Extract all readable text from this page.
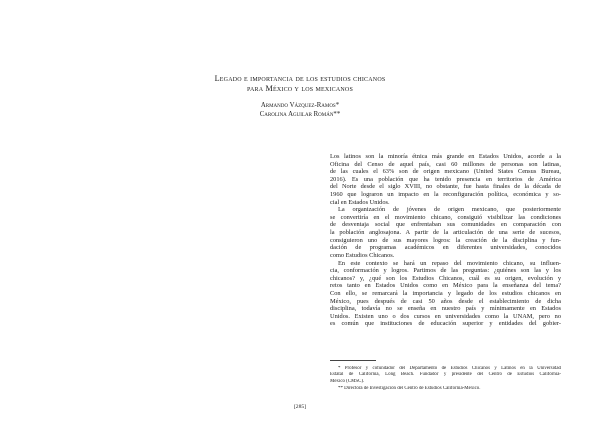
Legado e importancia de los estudios chicanos
para México y los mexicanos
Armando Vázquez-Ramos*
Carolina Aguilar Román**
Los latinos son la minoría étnica más grande en Estados Unidos, acorde a la
Oficina del Censo de aquel país, casi 60 millones de personas son latinas,
de las cuales el 63% son de origen mexicano (United States Census Bureau,
2016). Es una población que ha tenido presencia en territorios de América
del Norte desde el siglo XVIII, no obstante, fue hasta finales de la década de
1960 que lograron un impacto en la reconfiguración política, económica y so-
cial en Estados Unidos.
La organización de jóvenes de origen mexicano, que posteriormente
se convertiría en el movimiento chicano, consiguió visibilizar las condiciones
de desventaja social que enfrentaban sus comunidades en comparación con
la población anglosajona. A partir de la articulación de una serie de sucesos,
consiguieron uno de sus mayores logros: la creación de la disciplina y fun-
dación de programas académicos en diferentes universidades, conocidos
como Estudios Chicanos.
En este contexto se hará un repaso del movimiento chicano, su influen-
cia, conformación y logros. Partimos de las preguntas: ¿quiénes son las y los
chicanos? y, ¿qué son los Estudios Chicanos, cuál es su origen, evolución y
retos tanto en Estados Unidos como en México para la enseñanza del tema?
Con ello, se remarcará la importancia y legado de los estudios chicanos en
México, pues después de casi 50 años desde el establecimiento de dicha
disciplina, todavía no se enseña en nuestro país y mínimamente en Estados
Unidos. Existen uno o dos cursos en universidades como la UNAM, pero no
es común que instituciones de educación superior y entidades del gobier-
* Profesor y cofundador del Departamento de Estudios Chicanos y Latinos en la Universidad
Estatal de California, Long Beach. Fundador y presidente del Centro de Estudios California-
México (CMSC).
** Directora de Investigación del Centro de Estudios California-México.
[285]
